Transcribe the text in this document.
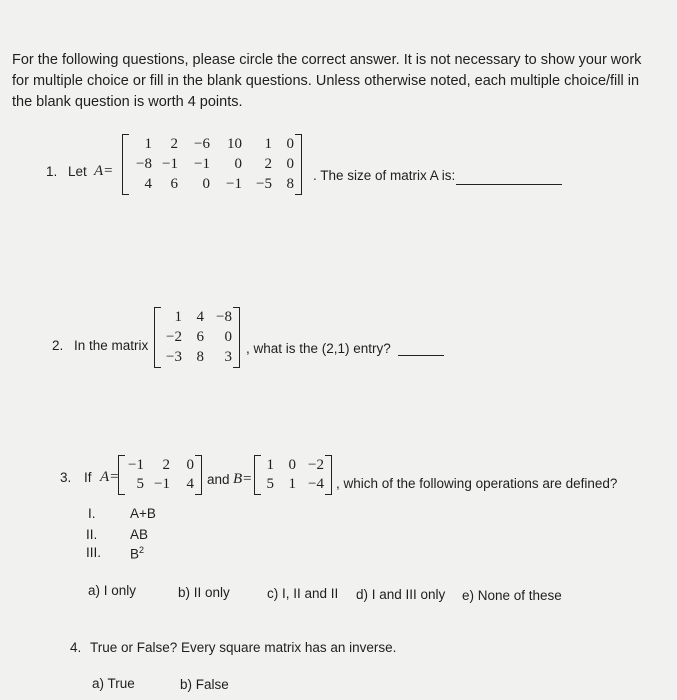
For the following questions, please circle the correct answer. It is not necessary to show your work for multiple choice or fill in the blank questions. Unless otherwise noted, each multiple choice/fill in the blank question is worth 4 points.
1. Let A=
1	2	−6	10	1 0
−8 −1	−1	0	2 0
4	6	0	−1 −5 8
. The size of matrix A is:
2. In the matrix
1 4 −8
−2 6	0
−3 8	3
, what is the (2,1) entry?
3. If A=
−1	2	0
5 −1	4 and B=
1 0 −2
5 1 −4 , which of the following operations are defined?
I.	A+B
II. AB
III. $B^2$
a) I only	b) II only	c) I, II and II d) I and III only e) None of these
4. True or False? Every square matrix has an inverse.
a) True	b) False
